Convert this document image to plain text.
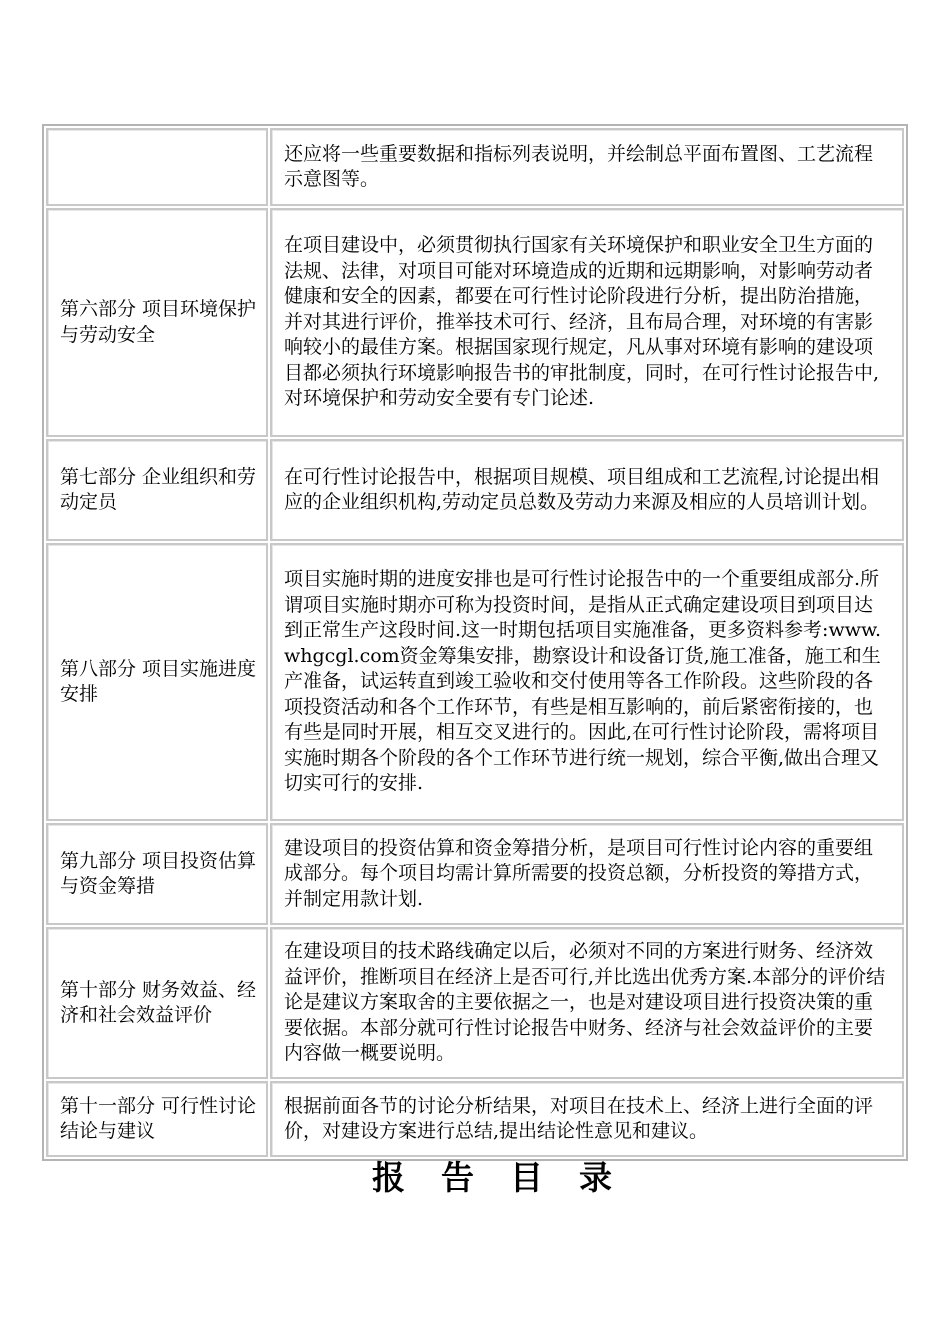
	还应将一些重要数据和指标列表说明，并绘制总平面布置图、工艺流程示意图等。
第六部分 项目环境保护与劳动安全	在项目建设中，必须贯彻执行国家有关环境保护和职业安全卫生方面的法规、法律，对项目可能对环境造成的近期和远期影响，对影响劳动者健康和安全的因素，都要在可行性讨论阶段进行分析，提出防治措施，并对其进行评价，推举技术可行、经济，且布局合理，对环境的有害影响较小的最佳方案。根据国家现行规定，凡从事对环境有影响的建设项目都必须执行环境影响报告书的审批制度，同时，在可行性讨论报告中,对环境保护和劳动安全要有专门论述.
第七部分 企业组织和劳动定员	在可行性讨论报告中，根据项目规模、项目组成和工艺流程,讨论提出相应的企业组织机构,劳动定员总数及劳动力来源及相应的人员培训计划。
第八部分 项目实施进度安排	项目实施时期的进度安排也是可行性讨论报告中的一个重要组成部分.所谓项目实施时期亦可称为投资时间，是指从正式确定建设项目到项目达到正常生产这段时间.这一时期包括项目实施准备，更多资料参考:www.whgcgl.com资金筹集安排，勘察设计和设备订货,施工准备，施工和生产准备，试运转直到竣工验收和交付使用等各工作阶段。这些阶段的各项投资活动和各个工作环节，有些是相互影响的，前后紧密衔接的，也有些是同时开展，相互交叉进行的。因此,在可行性讨论阶段，需将项目实施时期各个阶段的各个工作环节进行统一规划，综合平衡,做出合理又切实可行的安排.
第九部分 项目投资估算与资金筹措	建设项目的投资估算和资金筹措分析，是项目可行性讨论内容的重要组成部分。每个项目均需计算所需要的投资总额，分析投资的筹措方式，并制定用款计划.
第十部分 财务效益、经济和社会效益评价	在建设项目的技术路线确定以后，必须对不同的方案进行财务、经济效益评价，推断项目在经济上是否可行,并比选出优秀方案.本部分的评价结论是建议方案取舍的主要依据之一，也是对建设项目进行投资决策的重要依据。本部分就可行性讨论报告中财务、经济与社会效益评价的主要内容做一概要说明。
第十一部分 可行性讨论结论与建议	根据前面各节的讨论分析结果，对项目在技术上、经济上进行全面的评价，对建设方案进行总结,提出结论性意见和建议。
报告目录
